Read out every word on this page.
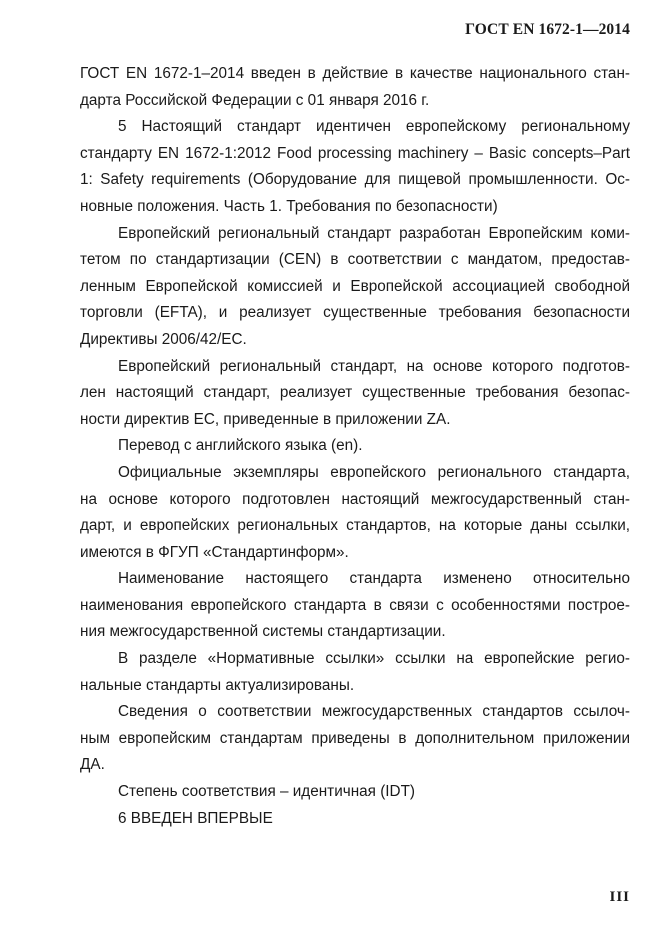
ГОСТ EN 1672-1—2014
ГОСТ EN 1672-1–2014 введен в действие в качестве национального стан-
дарта Российской Федерации с 01 января 2016 г.
5 Настоящий стандарт идентичен европейскому региональному
стандарту EN 1672-1:2012 Food processing machinery – Basic concepts–Part
1: Safety requirements (Оборудование для пищевой промышленности. Ос-
новные положения. Часть 1. Требования по безопасности)
Европейский региональный стандарт разработан Европейским коми-
тетом по стандартизации (CEN) в соответствии с мандатом, предостав-
ленным Европейской комиссией и Европейской ассоциацией свободной
торговли (EFTA), и реализует существенные требования безопасности
Директивы 2006/42/EC.
Европейский региональный стандарт, на основе которого подготов-
лен настоящий стандарт, реализует существенные требования безопас-
ности директив ЕС, приведенные в приложении ZA.
Перевод с английского языка (en).
Официальные экземпляры европейского регионального стандарта,
на основе которого подготовлен настоящий межгосударственный стан-
дарт, и европейских региональных стандартов, на которые даны ссылки,
имеются в ФГУП «Стандартинформ».
Наименование настоящего стандарта изменено относительно
наименования европейского стандарта в связи с особенностями построе-
ния межгосударственной системы стандартизации.
В разделе «Нормативные ссылки» ссылки на европейские регио-
нальные стандарты актуализированы.
Сведения о соответствии межгосударственных стандартов ссылоч-
ным европейским стандартам приведены в дополнительном приложении
ДА.
Степень соответствия – идентичная (IDT)
6 ВВЕДЕН ВПЕРВЫЕ
III
